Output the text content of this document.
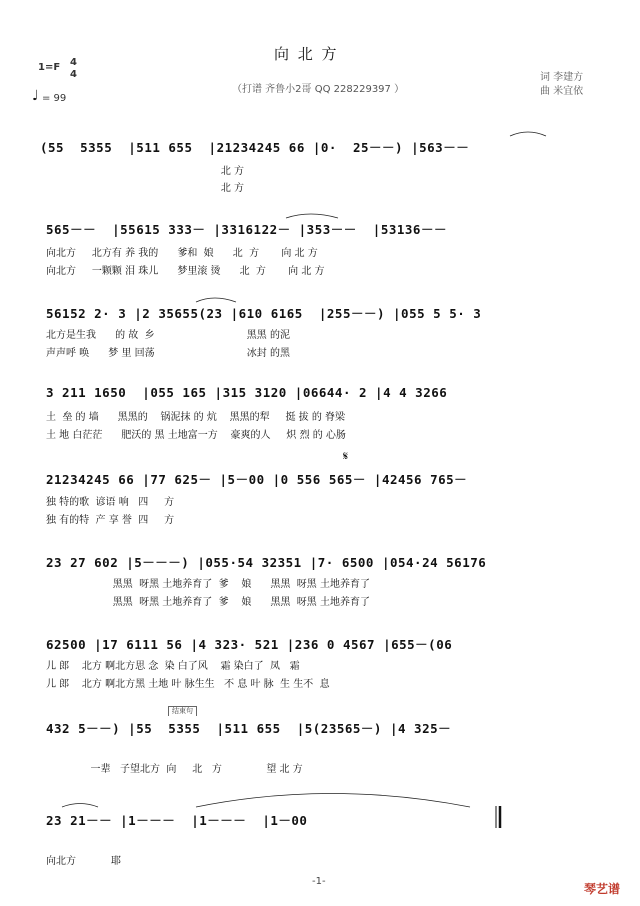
向 北 方
1=F 4
4
♩ = 99
（打谱 齐鲁小2哥 QQ 228229397 ）
词 李建方
曲 米宜依
(55  5355  |511 655  |21234245 66 |0·  25－－) |563－－
北 方
北 方
565－－  |55615 333－ |3316122－ |353－－  |53136－－
向北方     北方有 养 我的      爹和  娘      北  方       向 北 方
向北方     一颗颗 泪 珠儿      梦里滚 烫      北  方       向 北 方
56152 2· 3 |2 35655(23 |610 6165  |255－－) |055 5 5· 3
北方是生我      的 故  乡                             黑黑 的泥
声声呼 唤      梦 里 回荡                             冰封 的黑
3 211 1650  |055 165 |315 3120 |06644· 2 |4 4 3266
土  垒 的 墙      黑黑的    锅泥抹 的 炕    黑黑的犁     挺 拔 的 脊梁
土 地 白茫茫      肥沃的 黑 土地富一方    豪爽的人     炽 烈 的 心肠
𝄋
21234245 66 |77 625－ |5－00 |0 556 565－ |42456 765－
独 特的歌  谚语 响   四     方
独 有的特  产 享 誉  四     方
23 27 602 |5－－－) |055·54 32351 |7· 6500 |054·24 56176
黑黑  呀黑 土地养育了  爹    娘      黑黑  呀黑 土地养育了
黑黑  呀黑 土地养育了  爹    娘      黑黑  呀黑 土地养育了
62500 |17 6111 56 |4 323· 521 |236 0 4567 |655－(06
儿 郎    北方 啊北方思 念  染 白了风    霜 染白了  凤   霜
儿 郎    北方 啊北方黑 土地 叶 脉生生   不 息 叶 脉  生 生不  息
结束句
432 5－－) |55  5355  |511 655  |5(23565－) |4 325－
一辈   子望北方  向     北   方              望 北 方
23 21－－ |1－－－  |1－－－  |1－00
向北方           耶
-1-
琴艺谱
